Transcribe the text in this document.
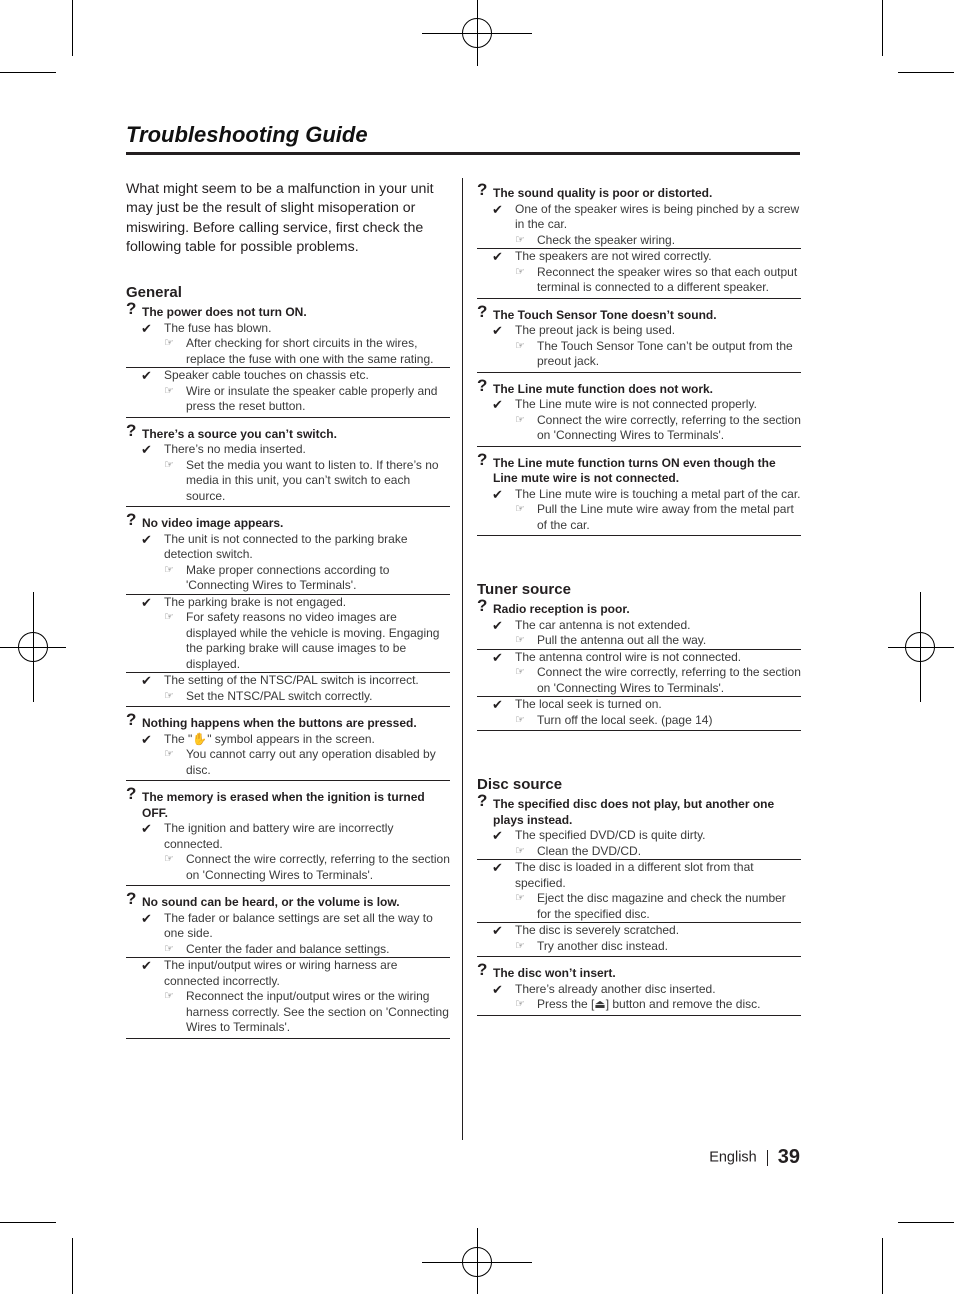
Troubleshooting Guide

What might seem to be a malfunction in your unit may just be the result of slight misoperation or miswiring. Before calling service, first check the following table for possible problems.

General
? The power does not turn ON.
✔ The fuse has blown.
☞ After checking for short circuits in the wires, replace the fuse with one with the same rating.
✔ Speaker cable touches on chassis etc.
☞ Wire or insulate the speaker cable properly and press the reset button.
? There’s a source you can’t switch.
✔ There’s no media inserted.
☞ Set the media you want to listen to. If there’s no media in this unit, you can’t switch to each source.
? No video image appears.
✔ The unit is not connected to the parking brake detection switch.
☞ Make proper connections according to 'Connecting Wires to Terminals'.
✔ The parking brake is not engaged.
☞ For safety reasons no video images are displayed while the vehicle is moving. Engaging the parking brake will cause images to be displayed.
✔ The setting of the NTSC/PAL switch is incorrect.
☞ Set the NTSC/PAL switch correctly.
? Nothing happens when the buttons are pressed.
✔ The "✋" symbol appears in the screen.
☞ You cannot carry out any operation disabled by disc.
? The memory is erased when the ignition is turned OFF.
✔ The ignition and battery wire are incorrectly connected.
☞ Connect the wire correctly, referring to the section on 'Connecting Wires to Terminals'.
? No sound can be heard, or the volume is low.
✔ The fader or balance settings are set all the way to one side.
☞ Center the fader and balance settings.
✔ The input/output wires or wiring harness are connected incorrectly.
☞ Reconnect the input/output wires or the wiring harness correctly. See the section on 'Connecting Wires to Terminals'.
? The sound quality is poor or distorted.
✔ One of the speaker wires is being pinched by a screw in the car.
☞ Check the speaker wiring.
✔ The speakers are not wired correctly.
☞ Reconnect the speaker wires so that each output terminal is connected to a different speaker.
? The Touch Sensor Tone doesn’t sound.
✔ The preout jack is being used.
☞ The Touch Sensor Tone can’t be output from the preout jack.
? The Line mute function does not work.
✔ The Line mute wire is not connected properly.
☞ Connect the wire correctly, referring to the section on 'Connecting Wires to Terminals'.
? The Line mute function turns ON even though the Line mute wire is not connected.
✔ The Line mute wire is touching a metal part of the car.
☞ Pull the Line mute wire away from the metal part of the car.
Tuner source
? Radio reception is poor.
✔ The car antenna is not extended.
☞ Pull the antenna out all the way.
✔ The antenna control wire is not connected.
☞ Connect the wire correctly, referring to the section on 'Connecting Wires to Terminals'.
✔ The local seek is turned on.
☞ Turn off the local seek. (page 14)
Disc source
? The specified disc does not play, but another one plays instead.
✔ The specified DVD/CD is quite dirty.
☞ Clean the DVD/CD.
✔ The disc is loaded in a different slot from that specified.
☞ Eject the disc magazine and check the number for the specified disc.
✔ The disc is severely scratched.
☞ Try another disc instead.
? The disc won’t insert.
✔ There’s already another disc inserted.
☞ Press the [⏏] button and remove the disc.
English 39
